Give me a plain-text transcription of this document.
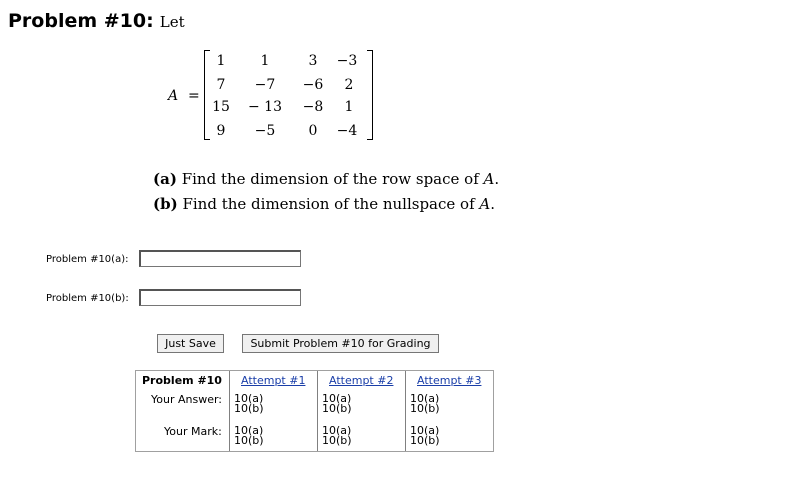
Problem #10: Let
A =
1	1	3	−3
7	−7	−6	2
15	− 13	−8	1
9	−5	0	−4
(a) Find the dimension of the row space of A.
(b) Find the dimension of the nullspace of A.
Problem #10(a):
Problem #10(b):
Just Save	Submit Problem #10 for Grading
Problem #10 Attempt #1 Attempt #2 Attempt #3
Your Answer: 10(a)
10(b)
10(a)
10(b)
10(a)
10(b)
Your Mark: 10(a)
10(b)
10(a)
10(b)
10(a)
10(b)
